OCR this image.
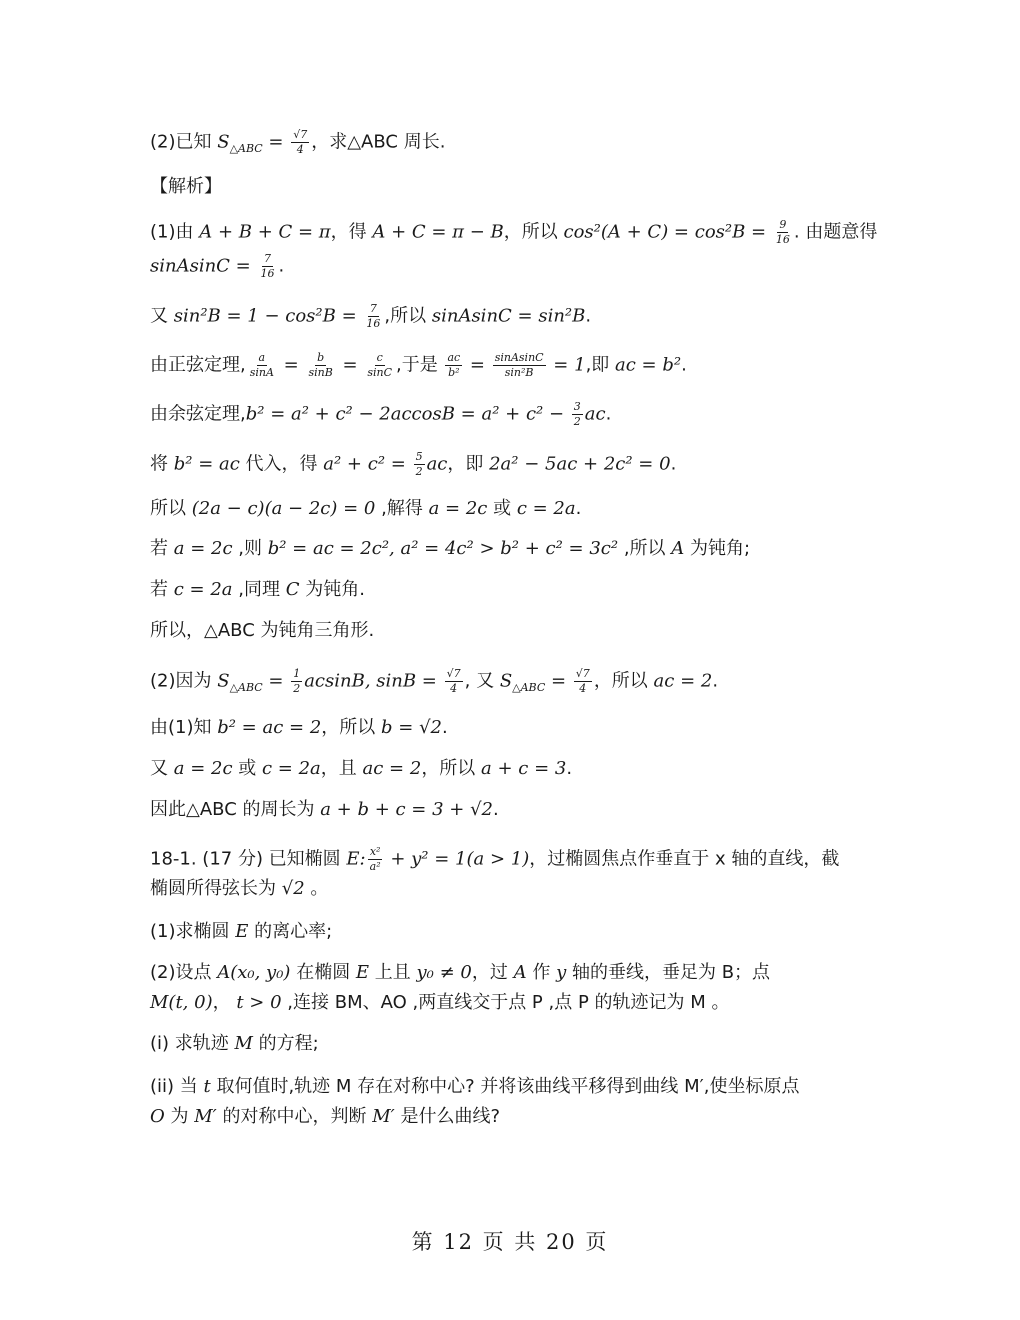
(2)已知 $S_{\triangle ABC} = \frac{√7}{4}$ ，求△ABC 周长.
【解析】
(1)由 A + B + C = π，得 A + C = π − B，所以 $\cos^2(A + C) = \cos^2B = \frac{9}{16}$ . 由题意得
sinAsinC = $\frac{7}{16}$ .
又 $\sin^2B = 1 - \cos^2B = \frac{7}{16}$ ,所以 sinAsinC = sin²B.
由正弦定理, $\frac{a}{\sin A} = \frac{b}{\sin B} = \frac{c}{\sin C}$ ,于是 $\frac{ac}{\text{b²}} = \frac{\text{sinAsinC}}{\text{sin²B}} = 1$,即 ac = b².
由余弦定理$,b^2 = a^2 + c^2 - 2accosB = a^2 + c^2 - \frac{3}{2}$ ac.
将 b² = ac 代入，得 $a^2 + c^2 = \frac{5}{2}$ ac，即 2a² − 5ac + 2c² = 0.
所以 (2a − c)(a − 2c) = 0 ,解得 a = 2c 或 c = 2a.
若 a = 2c ,则 b² = ac = 2c², a² = 4c² > b² + c² = 3c² ,所以 A 为钝角;
若 c = 2a ,同理 C 为钝角.
所以，△ABC 为钝角三角形.
(2)因为 $S_{\triangle ABC} = \frac{1}{2} acsinB$, $\sin B = \frac{√7}{4}$ , 又 $S_{\triangle ABC} = \frac{√7}{4}$ ，所以 ac = 2.
由(1)知 b² = ac = 2，所以 b = √2.
又 a = 2c 或 c = 2a，且 ac = 2，所以 a + c = 3.
因此△ABC 的周长为 a + b + c = 3 + √2.
18-1. (17 分) 已知椭圆 E: $\frac{\text{x²}}{\text{a²}} + y^2 = 1(a > 1)$，过椭圆焦点作垂直于 x 轴的直线，截
椭圆所得弦长为 √2 。
(1)求椭圆 E 的离心率;
(2)设点 A(x₀, y₀) 在椭圆 E 上且 y₀ ≠ 0，过 A 作 y 轴的垂线，垂足为 B；点
M(t, 0)， t > 0 ,连接 BM、AO ,两直线交于点 P ,点 P 的轨迹记为 M 。
(i) 求轨迹 M 的方程;
(ii) 当 t 取何值时,轨迹 M 存在对称中心? 并将该曲线平移得到曲线 M′,使坐标原点
O 为 M′ 的对称中心，判断 M′ 是什么曲线?
第 12 页 共 20 页
